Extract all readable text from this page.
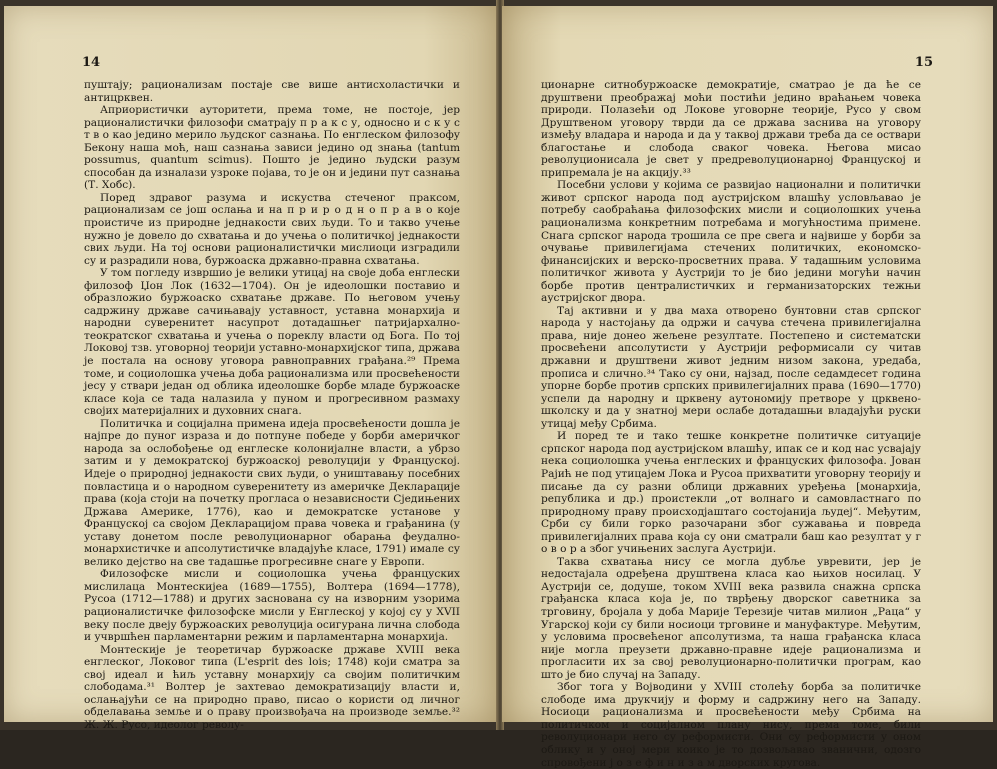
14

пуштају; рационализам постаје све више антисхоластички и антицрквен.

Априористички ауторитети, према томе, не постоје, јер рационалистички филозофи сматрају п р а к с у, односно и с к у с т в о као једино мерило људског сазнања. По енглеском филозофу Бекону наша моћ, наш сазнања зависи једино од знања (tantum possumus, quantum scimus). Пошто је једино људски разум способан да изналази узроке појава, то је он и једини пут сазнања (Т. Хобс).

Поред здравог разума и искуства стеченог праксом, рационализам се још ослања и на п р и р о д н о п р а в о које проистиче из природне једнакости свих људи. То и такво учење нужно је довело до схватања и до учења о политичкој једнакости свих људи. На тој основи рационалистички мислиоци изградили су и разрадили нова, буржоаска државно-правна схватања.

У том погледу извршио је велики утицај на своје доба енглески филозоф Џон Лок (1632—1704). Он је идеолошки поставио и образложио буржоаско схватање државе. По његовом учењу садржину државе сачињавају уставност, уставна монархија и народни суверенитет насупрот дотадашњег патријархално-теократског схватања и учења о пореклу власти од Бога. По тој Локовој тзв. уговорној теорији уставно-монархијског типа, држава је постала на основу уговора равноправних грађана.²⁹ Према томе, и социолошка учења доба рационализма или просвећености јесу у ствари један од облика идеолошке борбе младе буржоаске класе која се тада налазила у пуном и прогресивном размаху својих материјалних и духовних снага.

Политичка и социјална примена идеја просвећености дошла је најпре до пуног израза и до потпуне победе у борби америчког народа за ослобођење од енглеске колонијалне власти, а убрзо затим и у демократској буржоаској револуцији у Француској. Идеје о природној једнакости свих људи, о уништавању посебних повластица и о народном суверенитету из америчке Декларације права (која стоји на почетку прогласа о независности Сједињених Држава Америке, 1776), као и демократске установе у Француској са својом Декларацијом права човека и грађанина (у уставу донетом после револуционарног обарања феудално-монархистичке и апсолутистичке владајуће класе, 1791) имале су велико дејство на све тадашње прогресивне снаге у Европи.

Филозофске мисли и социолошка учења француских мислилаца Монтескијеа (1689—1755), Волтера (1694—1778), Русоа (1712—1788) и других заснована су на изворним узорима рационалистичке филозофске мисли у Енглеској у којој су у XVII веку после двеју буржоаских револуција осигурана лична слобода и учвршћен парламентарни режим и парламентарна монархија.

Монтескије је теоретичар буржоаске државе XVIII века енглеског, Локовог типа (L'esprit des lois; 1748) који сматра за свој идеал и ћиљ уставну монархију са својим политичким слободама.³¹ Волтер је захтевао демократизацију власти и, ослањајући се на природно право, писао о користи од личног обделавања земље и о праву произвођача на производе земље.³² Ж. Ж. Русо, идеолог револу-

15

ционарне ситнобуржоаске демократије, сматрао је да ће се друштвени преображај моћи постићи једино враћањем човека природи. Полазећи од Локове уговорне теорије, Русо у свом Друштвеном уговору тврди да се држава заснива на уговору између владара и народа и да у таквој држави треба да се оствари благостање и слобода сваког човека. Његова мисао револуционисала је свет у предреволуционарној Француској и припремала је на акцију.³³

Посебни услови у којима се развијао национални и политички живот српског народа под аустријском влашћу условљавао је потребу саобраћања филозофских мисли и социолошких учења рационализма конкретним потребама и могућностима примене. Снага српског народа трошила се пре свега и највише у борби за очување привилегијама стечених политичких, економско-финансијских и верско-просветних права. У тадашњим условима политичког живота у Аустрији то је био једини могући начин борбе против централистичких и германизаторских тежњи аустријског двора.

Тај активни и у два маха отворено бунтовни став српског народа у настојању да одржи и сачува стечена привилегијална права, није донео жељене резултате. Постепено и систематски просвећени апсолутисти у Аустрији реформисали су читав државни и друштвени живот једним низом закона, уредаба, прописа и слично.³⁴ Тако су они, најзад, после седамдесет година упорне борбе против српских привилегијалних права (1690—1770) успели да народну и црквену аутономију претворе у црквено-школску и да у знатној мери ослабе дотадашњи владајући руски утицај међу Србима.

И поред те и тако тешке конкретне политичке ситуације српског народа под аустријском влашћу, ипак се и код нас усвајају нека социолошка учења енглеских и француских филозофа. Јован Рајић не под утицајем Лока и Русоа прихватити уговорну теорију и писање да су разни облици државних уређења [монархија, република и др.) проистекли „от волнаго и самовластнаго по природному праву происходјаштаго состојанија људеј“. Међутим, Срби су били горко разочарани због сужавања и повреда привилегијалних права која су они сматрали баш као резултат у г о в о р а због учињених заслуга Аустрији.

Таква схватања нису се могла дубље увревити, јер је недостајала одређена друштвена класа као њихов носилац. У Аустрији се, додуше, током XVIII века развила снажна српска грађанска класа која је, по тврђењу дворског саветника за трговину, бројала у доба Марије Терезије читав милион „Раца“ у Угарској који су били носиоци трговине и мануфактуре. Међутим, у условима просвећеног апсолутизма, та наша грађанска класа није могла преузети државно-правне идеје рационализма и прогласити их за свој револуционарно-политички програм, као што је био случај на Западу.

Због тога у Војводини у XVIII столећу борба за политичке слободе има друкчију и форму и садржину него на Западу. Носиоци рационализма и просвећености међу Србима на политичком и социјалном плану нису, према томе, били револуционари него су реформисти. Они су реформисти у оном облику и у оној мери коико је то дозвољавао званични, одозго спровођени ј о з е ф и н и з а м дворских кругова.
